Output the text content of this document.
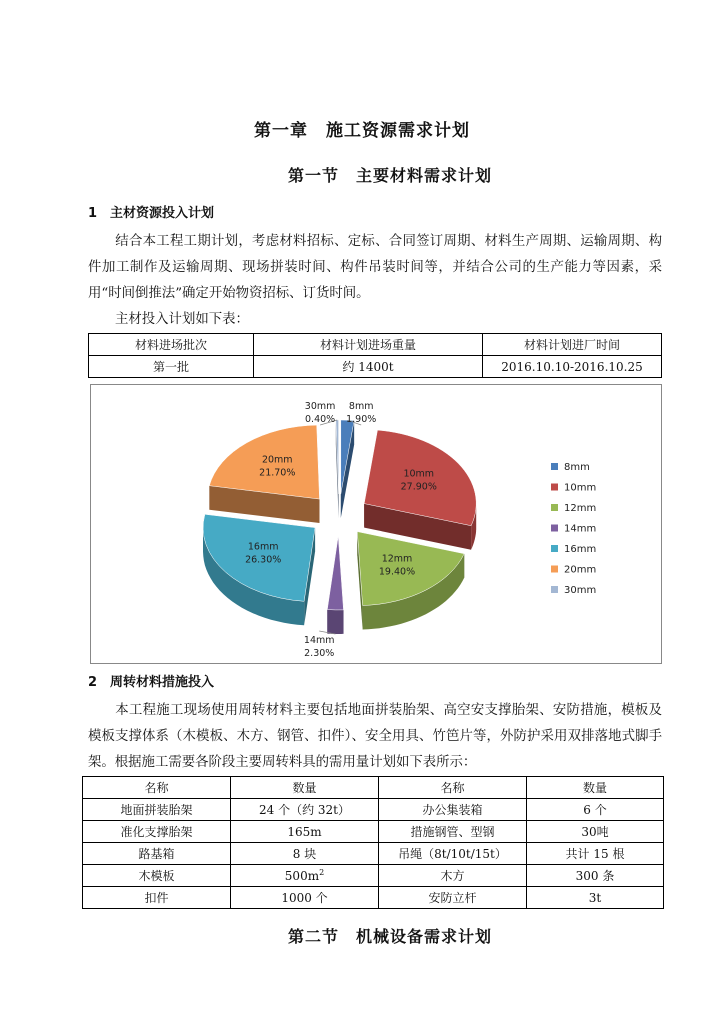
第一章　施工资源需求计划
第一节　主要材料需求计划
1 主材资源投入计划
结合本工程工期计划，考虑材料招标、定标、合同签订周期、材料生产周期、运输周期、构件加工制作及运输周期、现场拼装时间、构件吊装时间等，并结合公司的生产能力等因素，采用“时间倒推法”确定开始物资招标、订货时间。
主材投入计划如下表：
材料进场批次	材料计划进场重量	材料计划进厂时间
第一批	约 1400t	2016.10.10-2016.10.25
8mm
1.90%
10mm
27.90%
12mm
19.40%
14mm
2.30%
16mm
26.30%
20mm
21.70%
30mm
0.40%
8mm
10mm
12mm
14mm
16mm
20mm
30mm
2 周转材料措施投入
本工程施工现场使用周转材料主要包括地面拼装胎架、高空安支撑胎架、安防措施，模板及模板支撑体系（木模板、木方、钢管、扣件）、安全用具、竹笆片等，外防护采用双排落地式脚手架。根据施工需要各阶段主要周转料具的需用量计划如下表所示：
名称	数量	名称	数量
地面拼装胎架	24 个（约 32t）	办公集装箱	6 个
准化支撑胎架	165m	措施钢管、型钢	30吨
路基箱	8 块	吊绳（8t/10t/15t）	共计 15 根
木模板	$500m^2$	木方	300 条
扣件	1000 个	安防立杆	3t
第二节　机械设备需求计划
